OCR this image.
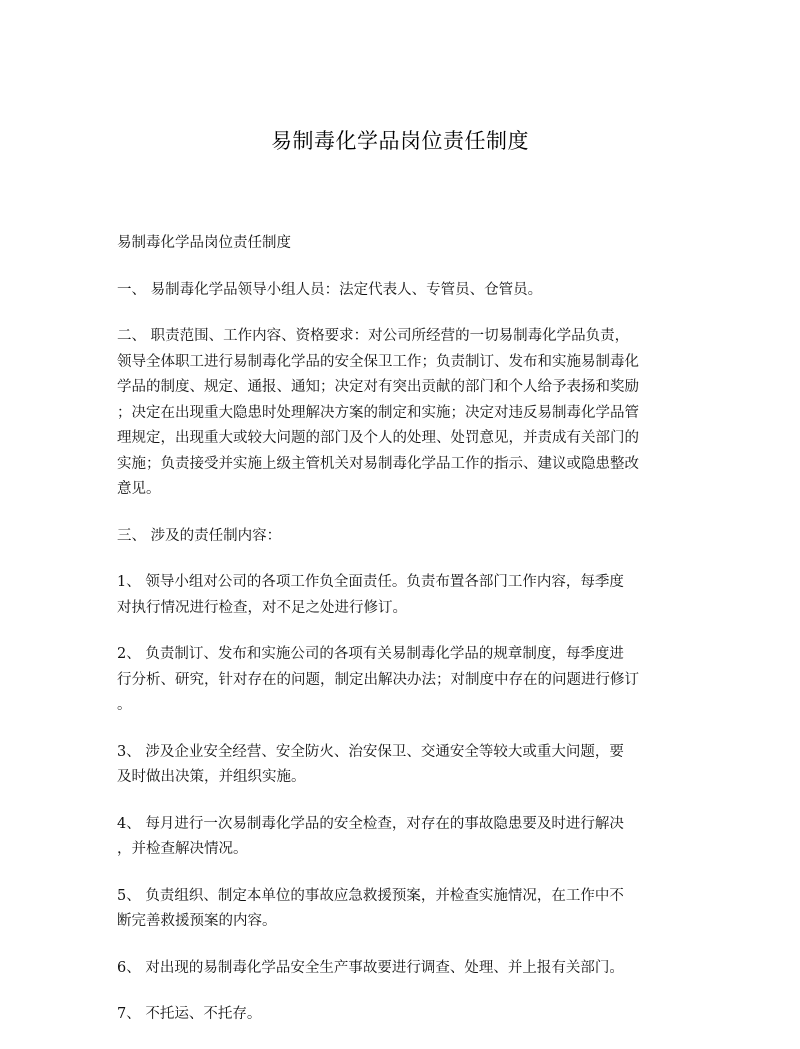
易制毒化学品岗位责任制度

易制毒化学品岗位责任制度

一、 易制毒化学品领导小组人员：法定代表人、专管员、仓管员。

二、 职责范围、工作内容、资格要求：对公司所经营的一切易制毒化学品负责，
领导全体职工进行易制毒化学品的安全保卫工作；负责制订、发布和实施易制毒化
学品的制度、规定、通报、通知；决定对有突出贡献的部门和个人给予表扬和奖励
；决定在出现重大隐患时处理解决方案的制定和实施；决定对违反易制毒化学品管
理规定，出现重大或较大问题的部门及个人的处理、处罚意见，并责成有关部门的
实施；负责接受并实施上级主管机关对易制毒化学品工作的指示、建议或隐患整改
意见。

三、 涉及的责任制内容：

1、 领导小组对公司的各项工作负全面责任。负责布置各部门工作内容，每季度
对执行情况进行检查，对不足之处进行修订。

2、 负责制订、发布和实施公司的各项有关易制毒化学品的规章制度，每季度进
行分析、研究，针对存在的问题，制定出解决办法；对制度中存在的问题进行修订
。

3、 涉及企业安全经营、安全防火、治安保卫、交通安全等较大或重大问题，要
及时做出决策，并组织实施。

4、 每月进行一次易制毒化学品的安全检查，对存在的事故隐患要及时进行解决
，并检查解决情况。

5、 负责组织、制定本单位的事故应急救援预案，并检查实施情况，在工作中不
断完善救援预案的内容。

6、 对出现的易制毒化学品安全生产事故要进行调查、处理、并上报有关部门。

7、 不托运、不托存。
